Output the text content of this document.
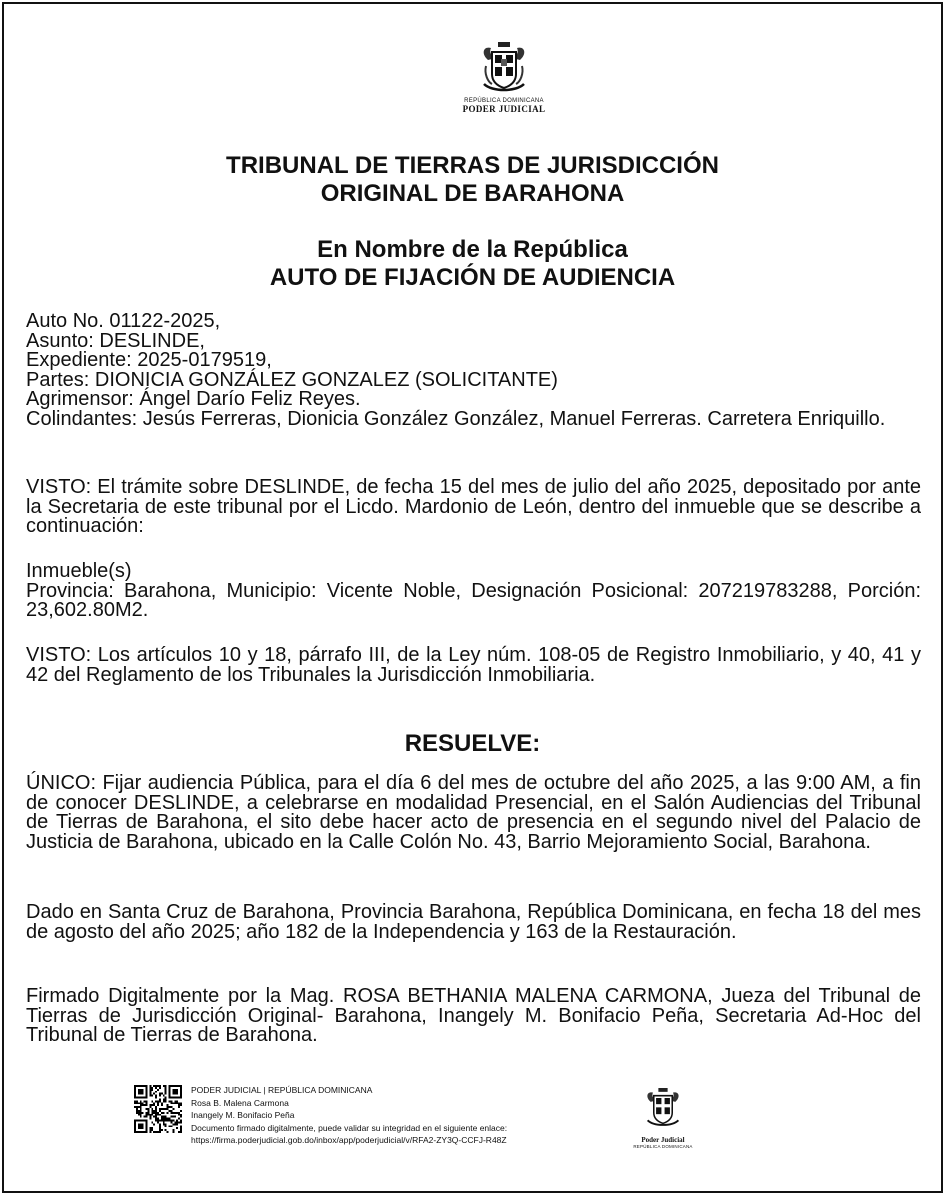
REPÚBLICA DOMINICANA
PODER JUDICIAL
TRIBUNAL DE TIERRAS DE JURISDICCIÓN
ORIGINAL DE BARAHONA
En Nombre de la República
AUTO DE FIJACIÓN DE AUDIENCIA
Auto No. 01122-2025,
Asunto: DESLINDE,
Expediente: 2025-0179519,
Partes: DIONICIA GONZÁLEZ GONZALEZ (SOLICITANTE)
Agrimensor: Ángel Darío Feliz Reyes.
Colindantes: Jesús Ferreras, Dionicia González González, Manuel Ferreras. Carretera Enriquillo.

VISTO: El trámite sobre DESLINDE, de fecha 15 del mes de julio del año 2025, depositado por ante la Secretaria de este tribunal por el Licdo. Mardonio de León, dentro del inmueble que se describe a continuación:

Inmueble(s)
Provincia: Barahona, Municipio: Vicente Noble, Designación Posicional: 207219783288, Porción: 23,602.80M2.

VISTO: Los artículos 10 y 18, párrafo III, de la Ley núm. 108-05 de Registro Inmobiliario, y 40, 41 y 42 del Reglamento de los Tribunales la Jurisdicción Inmobiliaria.

RESUELVE:

ÚNICO: Fijar audiencia Pública, para el día 6 del mes de octubre del año 2025, a las 9:00 AM, a fin de conocer DESLINDE, a celebrarse en modalidad Presencial, en el Salón Audiencias del Tribunal de Tierras de Barahona, el sito debe hacer acto de presencia en el segundo nivel del Palacio de Justicia de Barahona, ubicado en la Calle Colón No. 43, Barrio Mejoramiento Social, Barahona.

Dado en Santa Cruz de Barahona, Provincia Barahona, República Dominicana, en fecha 18 del mes de agosto del año 2025; año 182 de la Independencia y 163 de la Restauración.

Firmado Digitalmente por la Mag. ROSA BETHANIA MALENA CARMONA, Jueza del Tribunal de Tierras de Jurisdicción Original- Barahona, Inangely M. Bonifacio Peña, Secretaria Ad-Hoc del Tribunal de Tierras de Barahona.

PODER JUDICIAL | REPÚBLICA DOMINICANA
Rosa B. Malena Carmona
Inangely M. Bonifacio Peña
Documento firmado digitalmente, puede validar su integridad en el siguiente enlace:
https://firma.poderjudicial.gob.do/inbox/app/poderjudicial/v/RFA2-ZY3Q-CCFJ-R48Z	Poder Judicial
REPÚBLICA DOMINICANA
